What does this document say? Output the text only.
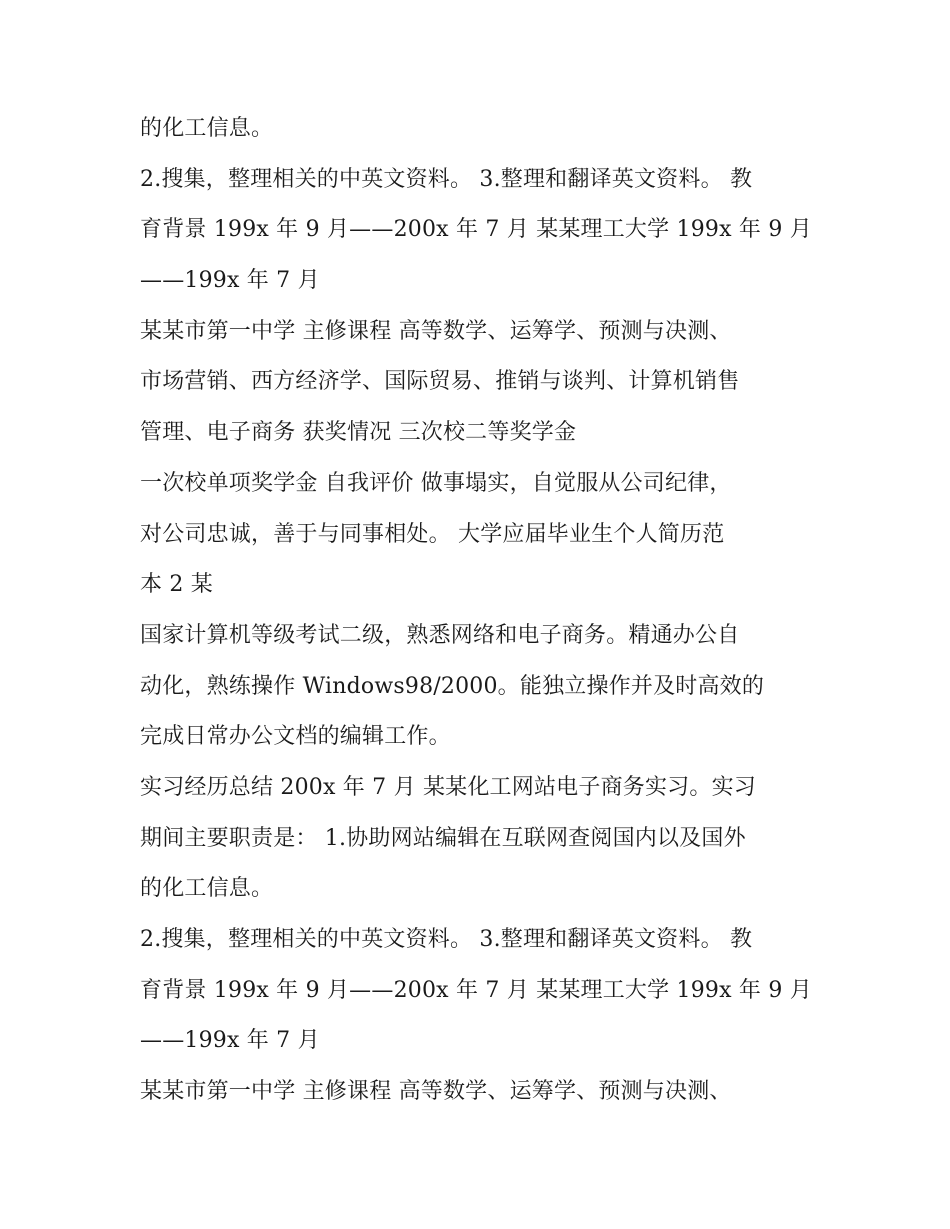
的化工信息。
2.搜集，整理相关的中英文资料。 3.整理和翻译英文资料。 教
育背景 199x 年 9 月——200x 年 7 月 某某理工大学 199x 年 9 月
——199x 年 7 月
某某市第一中学 主修课程 高等数学、运筹学、预测与决测、
市场营销、西方经济学、国际贸易、推销与谈判、计算机销售
管理、电子商务 获奖情况 三次校二等奖学金
一次校单项奖学金 自我评价 做事塌实，自觉服从公司纪律，
对公司忠诚，善于与同事相处。 大学应届毕业生个人简历范
本 2 某
国家计算机等级考试二级，熟悉网络和电子商务。精通办公自
动化，熟练操作 Windows98/2000。能独立操作并及时高效的
完成日常办公文档的编辑工作。
实习经历总结 200x 年 7 月 某某化工网站电子商务实习。实习
期间主要职责是： 1.协助网站编辑在互联网查阅国内以及国外
的化工信息。
2.搜集，整理相关的中英文资料。 3.整理和翻译英文资料。 教
育背景 199x 年 9 月——200x 年 7 月 某某理工大学 199x 年 9 月
——199x 年 7 月
某某市第一中学 主修课程 高等数学、运筹学、预测与决测、
